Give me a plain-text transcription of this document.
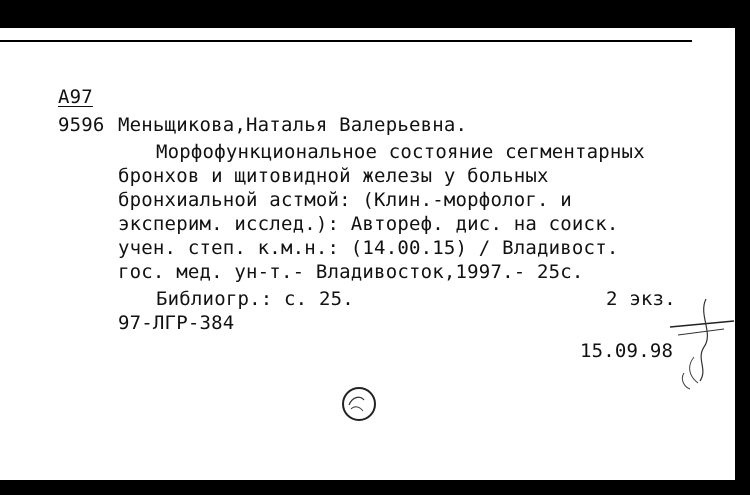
А97
9596 Меньщикова,Наталья Валерьевна.
Морфофункциональное состояние сегментарных
бронхов и щитовидной железы у больных
бронхиальной астмой: (Клин.-морфолог. и
эксперим. исслед.): Автореф. дис. на соиск.
учен. степ. к.м.н.: (14.00.15) / Владивост.
гос. мед. ун-т.- Владивосток,1997.- 25с.
Библиогр.: с. 25.	2 экз.
97-ЛГР-384
15.09.98
